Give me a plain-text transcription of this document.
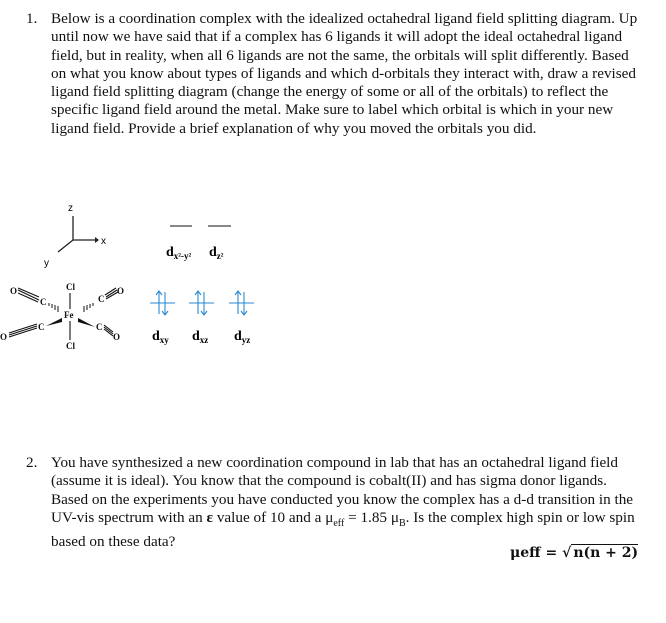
1. Below is a coordination complex with the idealized octahedral ligand field splitting diagram. Up until now we have said that if a complex has 6 ligands it will adopt the ideal octahedral ligand field, but in reality, when all 6 ligands are not the same, the orbitals will split differently. Based on what you know about types of ligands and which d-orbitals they interact with, draw a revised ligand field splitting diagram (change the energy of some or all of the orbitals) to reflect the specific ligand field around the metal. Make sure to label which orbital is which in your new ligand field. Provide a brief explanation of why you moved the orbitals you did.
z
x
y
Fe
Cl
Cl
O
C	C
O
O
C	C
O
$d_{x^2-y^2}$ $d_{z^2}$
$d_{xy}$ $d_{xz}$ $d_{yz}$
2. You have synthesized a new coordination compound in lab that has an octahedral ligand field (assume it is ideal). You know that the compound is cobalt(II) and has sigma donor ligands. Based on the experiments you have conducted you know the complex has a d-d transition in the UV-vis spectrum with an ε value of 10 and a $\mu_{eff} = 1.85$ $\mu_B$. Is the complex high spin or low spin based on these data?
μeff = √ n(n + 2)
